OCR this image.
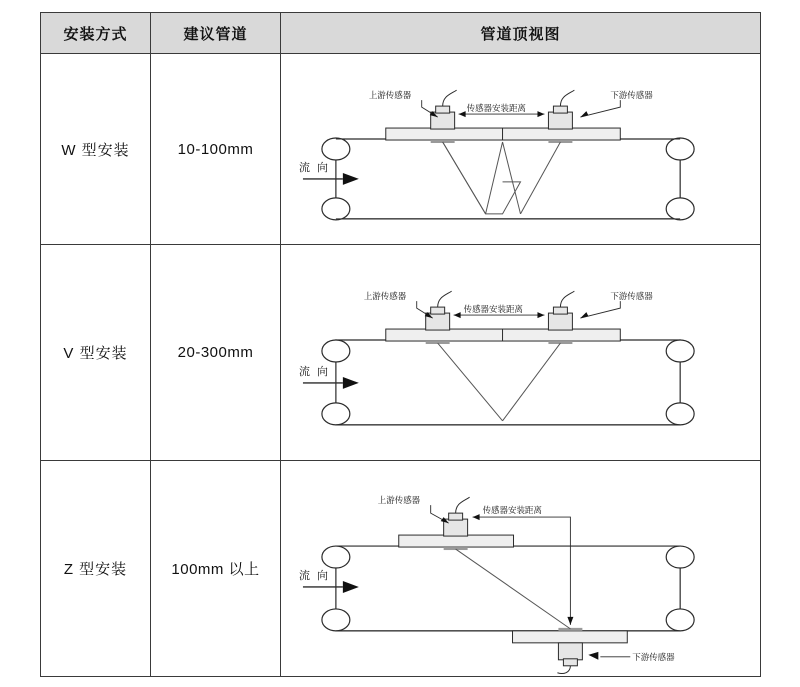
安装方式	建议管道	管道顶视图
W 型安装	10-100mm	流 向
传感器安装距离
上游传感器 下游传感器

V 型安装	20-300mm	流 向
传感器安装距离
上游传感器 下游传感器

Z 型安装	100mm 以上	流 向
传感器安装距离
上游传感器
下游传感器
